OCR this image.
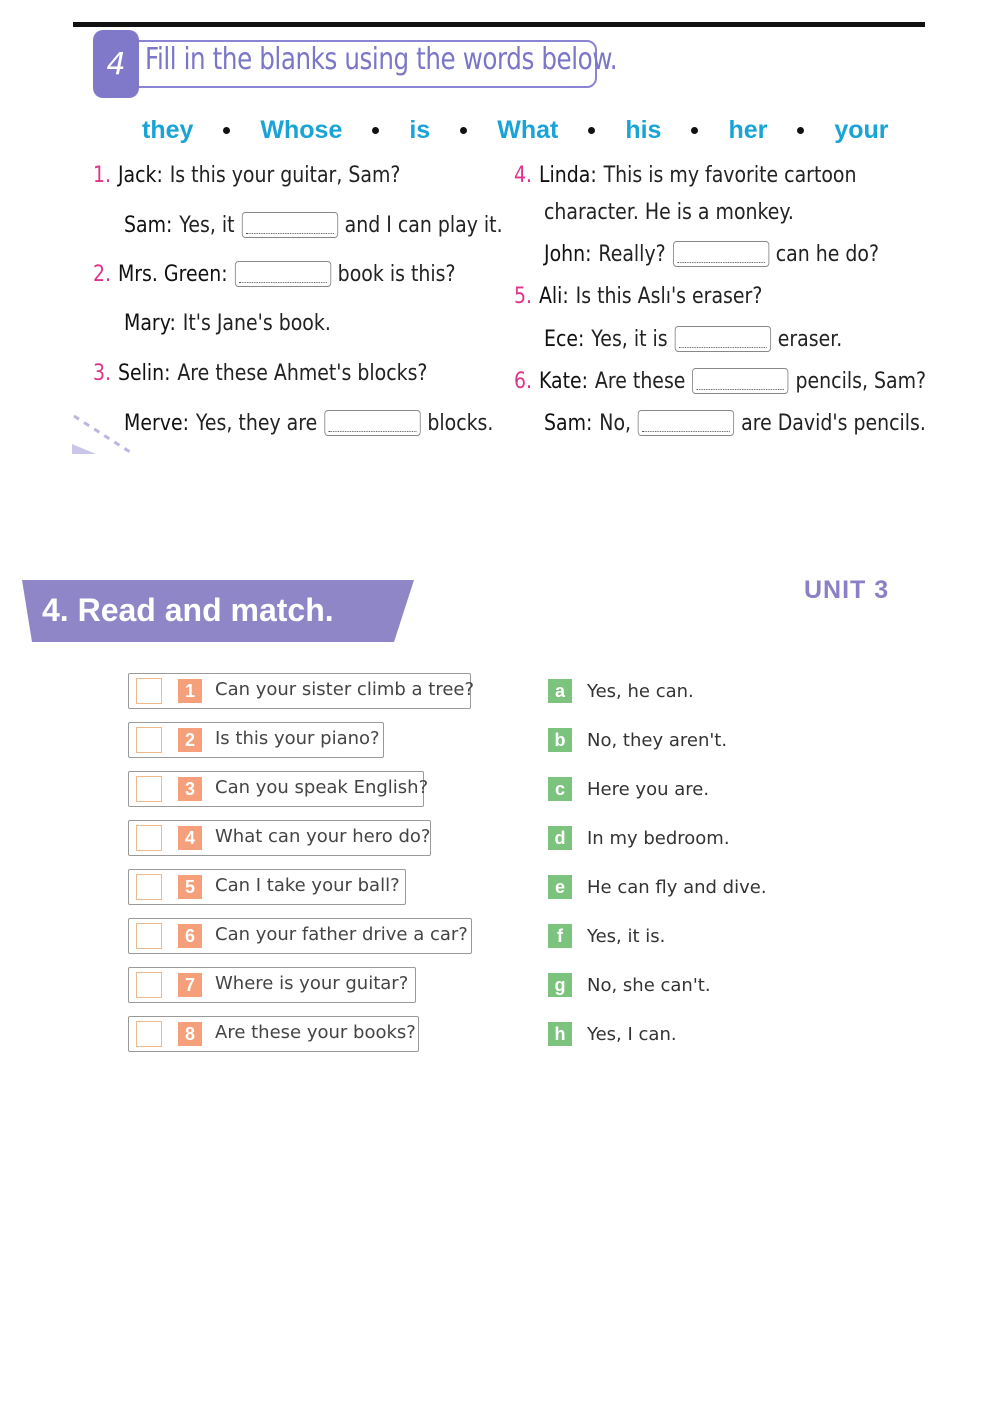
4 Fill in the blanks using the words below.
they	Whose	is	What	his	her	your
1. Jack: Is this your guitar, Sam?
Sam: Yes, it	and I can play it.
2. Mrs. Green:	book is this?
Mary: It's Jane's book.
3. Selin: Are these Ahmet's blocks?
Merve: Yes, they are	blocks.
4. Linda: This is my favorite cartoon
character. He is a monkey.
John: Really?	can he do?
5. Ali: Is this Aslı's eraser?
Ece: Yes, it is	eraser.
6. Kate: Are these	pencils, Sam?
Sam: No,	are David's pencils.
4. Read and match.
UNIT 3
1	Can your sister climb a tree?
2	Is this your piano?
3	Can you speak English?
4	What can your hero do?
5	Can I take your ball?
6	Can your father drive a car?
7	Where is your guitar?
8	Are these your books?
a	Yes, he can.
b	No, they aren't.
c	Here you are.
d	In my bedroom.
e	He can fly and dive.
f	Yes, it is.
g	No, she can't.
h	Yes, I can.
